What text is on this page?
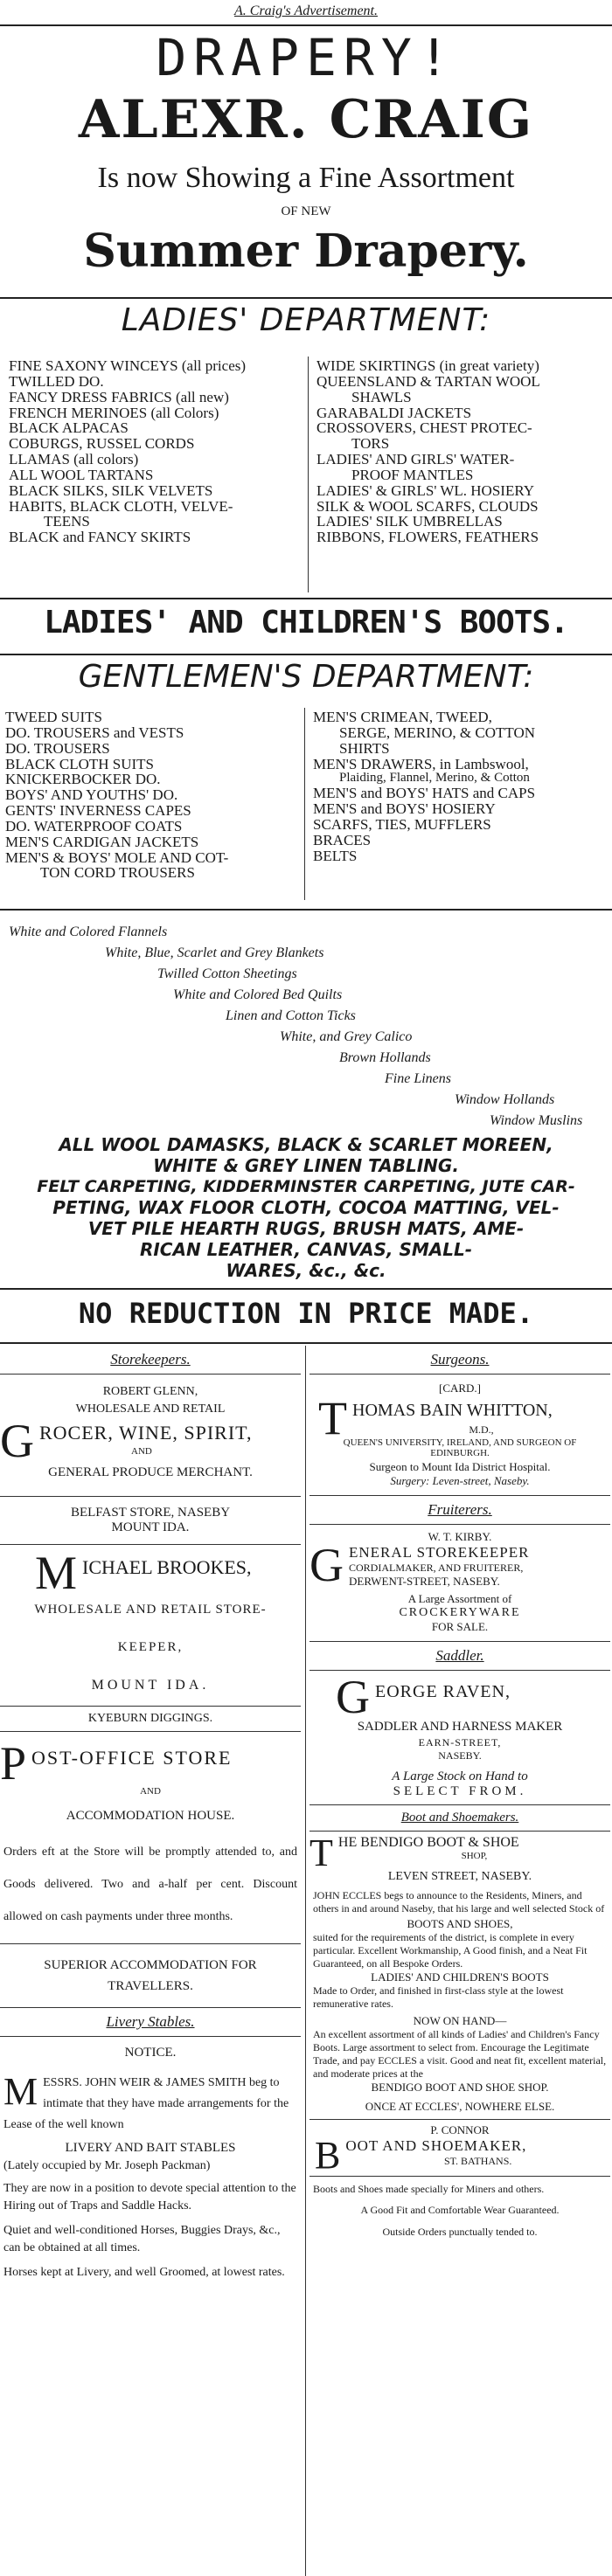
A. Craig's Advertisement.
DRAPERY!
ALEXR. CRAIG
Is now Showing a Fine Assortment
OF NEW
Summer Drapery.
LADIES' DEPARTMENT:
FINE SAXONY WINCEYS (all prices)
TWILLED DO.
FANCY DRESS FABRICS (all new)
FRENCH MERINOES (all Colors)
BLACK ALPACAS
COBURGS, RUSSEL CORDS
LLAMAS (all colors)
ALL WOOL TARTANS
BLACK SILKS, SILK VELVETS
HABITS, BLACK CLOTH, VELVE-
TEENS
BLACK and FANCY SKIRTS
WIDE SKIRTINGS (in great variety)
QUEENSLAND & TARTAN WOOL
SHAWLS
GARABALDI JACKETS
CROSSOVERS, CHEST PROTEC-
TORS
LADIES' AND GIRLS' WATER-
PROOF MANTLES
LADIES' & GIRLS' WL. HOSIERY
SILK & WOOL SCARFS, CLOUDS
LADIES' SILK UMBRELLAS
RIBBONS, FLOWERS, FEATHERS
LADIES' AND CHILDREN'S BOOTS.
GENTLEMEN'S DEPARTMENT:
TWEED SUITS
DO. TROUSERS and VESTS
DO. TROUSERS
BLACK CLOTH SUITS
KNICKERBOCKER DO.
BOYS' AND YOUTHS' DO.
GENTS' INVERNESS CAPES
DO. WATERPROOF COATS
MEN'S CARDIGAN JACKETS
MEN'S & BOYS' MOLE AND COT-
TON CORD TROUSERS
MEN'S CRIMEAN, TWEED,
SERGE, MERINO, & COTTON
SHIRTS
MEN'S DRAWERS, in Lambswool,
Plaiding, Flannel, Merino, & Cotton
MEN'S and BOYS' HATS and CAPS
MEN'S and BOYS' HOSIERY
SCARFS, TIES, MUFFLERS
BRACES
BELTS
White and Colored Flannels
White, Blue, Scarlet and Grey Blankets
Twilled Cotton Sheetings
White and Colored Bed Quilts
Linen and Cotton Ticks
White, and Grey Calico
Brown Hollands
Fine Linens
Window Hollands
Window Muslins
ALL WOOL DAMASKS, BLACK & SCARLET MOREEN,
WHITE & GREY LINEN TABLING.
FELT CARPETING, KIDDERMINSTER CARPETING, JUTE CAR-
PETING, WAX FLOOR CLOTH, COCOA MATTING, VEL-
VET PILE HEARTH RUGS, BRUSH MATS, AME-
RICAN LEATHER, CANVAS, SMALL-
WARES, &c., &c.
NO REDUCTION IN PRICE MADE.
Storekeepers.
ROBERT GLENN,
WHOLESALE AND RETAIL
G ROCER, WINE, SPIRIT,
AND
GENERAL PRODUCE MERCHANT.
BELFAST STORE, NASEBY
MOUNT IDA.
M ICHAEL BROOKES,
WHOLESALE AND RETAIL STORE-
KEEPER,
MOUNT IDA.
KYEBURN DIGGINGS.
P OST-OFFICE STORE
AND
ACCOMMODATION HOUSE.
Orders eft at the Store will be promptly attended to, and Goods delivered. Two and a-half per cent. Discount allowed on cash payments under three months.
SUPERIOR ACCOMMODATION FOR TRAVELLERS.
Livery Stables.
NOTICE.
M ESSRS. JOHN WEIR & JAMES SMITH beg to intimate that they have made arrangements for the Lease of the well known
LIVERY AND BAIT STABLES
(Lately occupied by Mr. Joseph Packman)
They are now in a position to devote special attention to the Hiring out of Traps and Saddle Hacks.
Quiet and well-conditioned Horses, Buggies Drays, &c., can be obtained at all times.
Horses kept at Livery, and well Groomed, at lowest rates.
Surgeons.
[CARD.]
T HOMAS BAIN WHITTON,
M.D.,
QUEEN'S UNIVERSITY, IRELAND, AND SURGEON OF EDINBURGH.
Surgeon to Mount Ida District Hospital.
Surgery: Leven-street, Naseby.
Fruiterers.
W. T. KIRBY.
G ENERAL STOREKEEPER
CORDIALMAKER, AND FRUITERER,
DERWENT-STREET, NASEBY.
A Large Assortment of
CROCKERYWARE
FOR SALE.
Saddler.
G EORGE RAVEN,
SADDLER AND HARNESS MAKER
EARN-STREET,
NASEBY.
A Large Stock on Hand to
SELECT FROM.
Boot and Shoemakers.
T HE BENDIGO BOOT & SHOE
SHOP,
LEVEN STREET, NASEBY.
JOHN ECCLES begs to announce to the Residents, Miners, and others in and around Naseby, that his large and well selected Stock of
BOOTS AND SHOES,
suited for the requirements of the district, is complete in every particular. Excellent Workmanship, A Good finish, and a Neat Fit Guaranteed, on all Bespoke Orders.
LADIES' AND CHILDREN'S BOOTS
Made to Order, and finished in first-class style at the lowest remunerative rates.
NOW ON HAND—
An excellent assortment of all kinds of Ladies' and Children's Fancy Boots. Large assortment to select from. Encourage the Legitimate Trade, and pay ECCLES a visit. Good and neat fit, excellent material, and moderate prices at the
BENDIGO BOOT AND SHOE SHOP.
ONCE AT ECCLES', NOWHERE ELSE.
P. CONNOR
B OOT AND SHOEMAKER,
ST. BATHANS.
Boots and Shoes made specially for Miners and others.
A Good Fit and Comfortable Wear Guaranteed.
Outside Orders punctually tended to.
